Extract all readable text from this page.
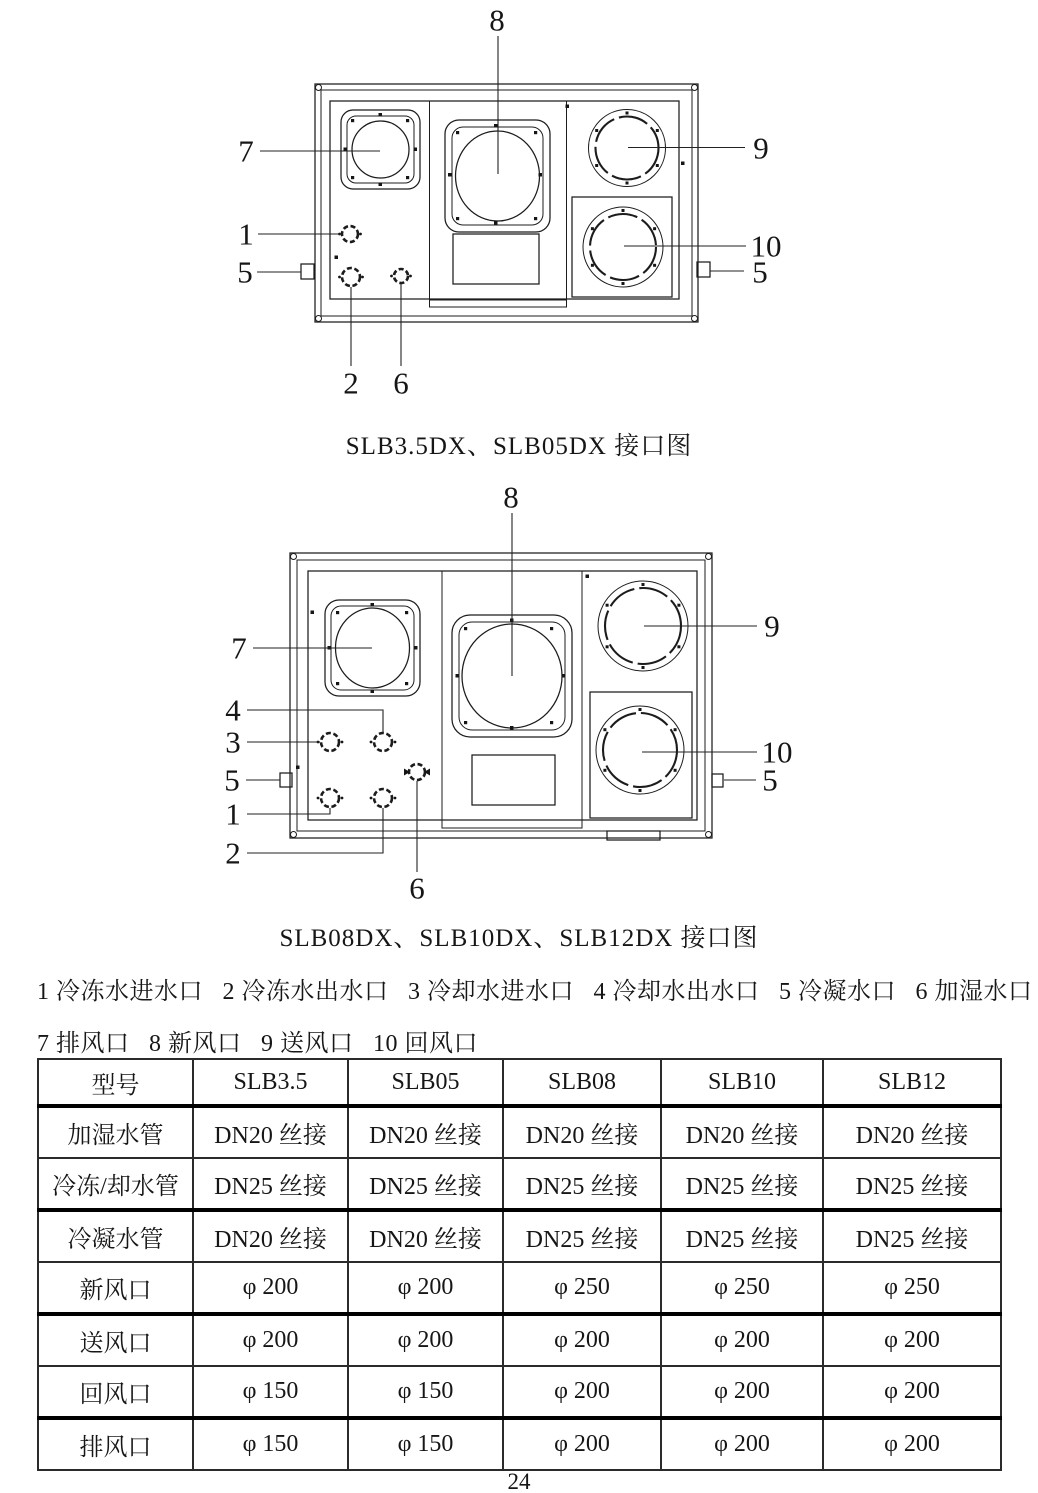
8
7
1
5
2 6
9
10
5
SLB3.5DX、SLB05DX 接口图
8
7
4
3
5
1
2
6
9
10
5
SLB08DX、SLB10DX、SLB12DX 接口图
1 冷冻水进水口   2 冷冻水出水口   3 冷却水进水口   4 冷却水出水口   5 冷凝水口   6 加湿水口
7 排风口   8 新风口   9 送风口   10 回风口
型号	SLB3.5	SLB05	SLB08	SLB10	SLB12
加湿水管	DN20 丝接	DN20 丝接	DN20 丝接	DN20 丝接	DN20 丝接
冷冻/却水管	DN25 丝接	DN25 丝接	DN25 丝接	DN25 丝接	DN25 丝接
冷凝水管	DN20 丝接	DN20 丝接	DN25 丝接	DN25 丝接	DN25 丝接
新风口	φ 200	φ 200	φ 250	φ 250	φ 250
送风口	φ 200	φ 200	φ 200	φ 200	φ 200
回风口	φ 150	φ 150	φ 200	φ 200	φ 200
排风口	φ 150	φ 150	φ 200	φ 200	φ 200
24
